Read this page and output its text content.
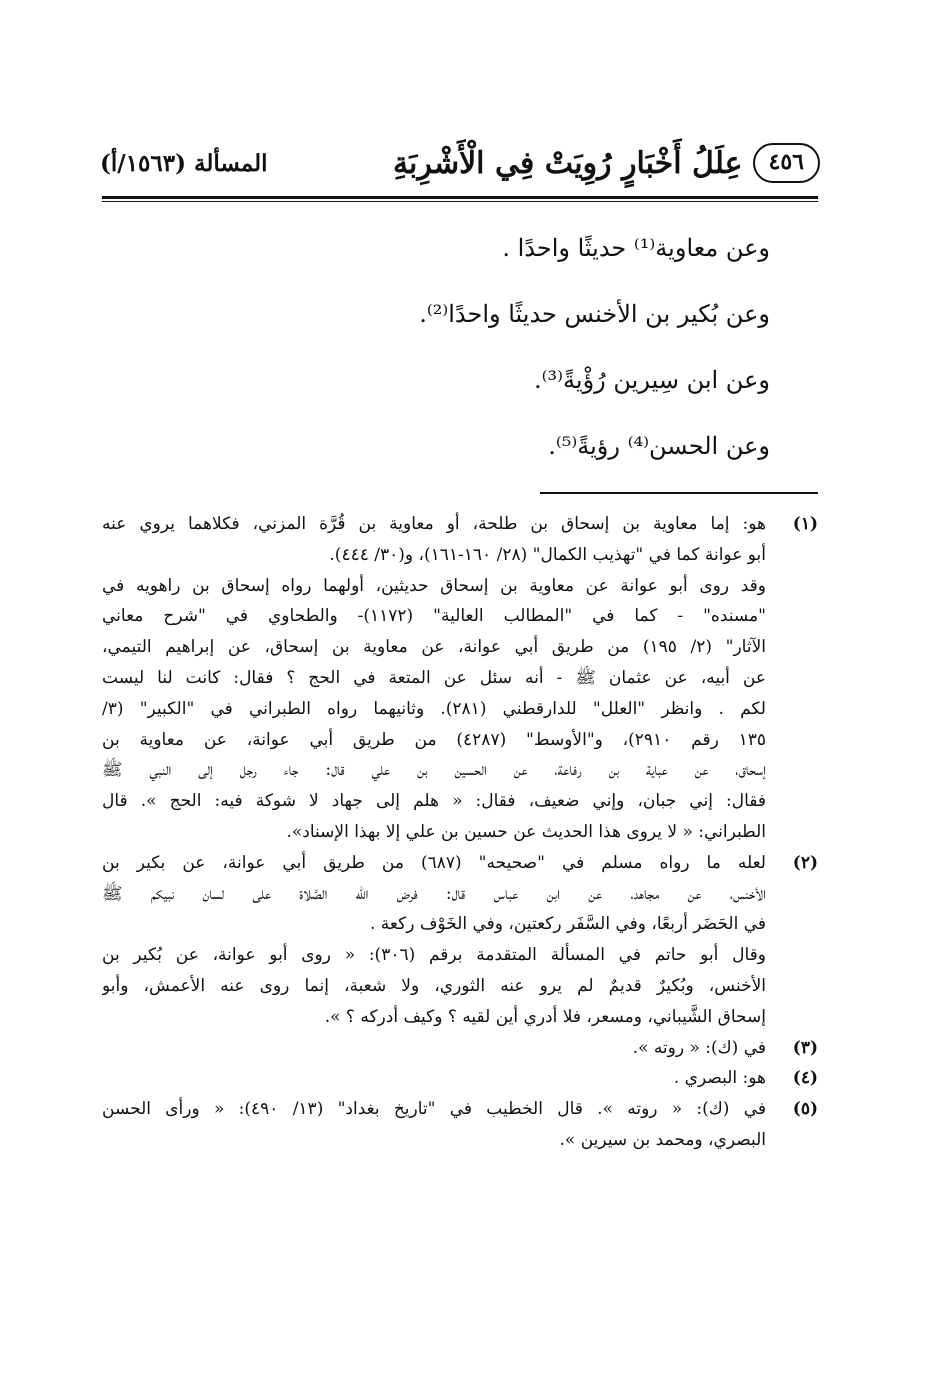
٤٥٦
عِلَلُ أَخْبَارٍ رُوِيَتْ فِي الْأَشْرِبَةِ
المسألة (١٥٦٣/أ)

وعن معاوية⁽¹⁾ حديثًا واحدًا .

وعن بُكير بن الأخنس حديثًا واحدًا⁽²⁾.

وعن ابن سِيرين رُؤْيةً⁽³⁾.

وعن الحسن⁽⁴⁾ رؤيةً⁽⁵⁾.

(١)
هو: إما معاوية بن إسحاق بن طلحة، أو معاوية بن قُرَّة المزني، فكلاهما يروي عنه
أبو عوانة كما في "تهذيب الكمال" (٢٨/ ١٦٠-١٦١)، و(٣٠/ ٤٤٤).
وقد روى أبو عوانة عن معاوية بن إسحاق حديثين، أولهما رواه إسحاق بن راهويه في
"مسنده" - كما في "المطالب العالية" (١١٧٢)- والطحاوي في "شرح معاني
الآثار" (٢/ ١٩٥) من طريق أبي عوانة، عن معاوية بن إسحاق، عن إبراهيم التيمي،
عن أبيه، عن عثمان ﷺ - أنه سئل عن المتعة في الحج ؟ فقال: كانت لنا ليست
لكم . وانظر "العلل" للدارقطني (٢٨١). وثانيهما رواه الطبراني في "الكبير" (٣/
١٣٥ رقم ٢٩١٠)، و"الأوسط" (٤٢٨٧) من طريق أبي عوانة، عن معاوية بن
إسحاق، عن عباية بن رفاعة، عن الحسين بن علي قال: جاء رجل إلى النبي ﷺ
فقال: إني جبان، وإني ضعيف، فقال: « هلم إلى جهاد لا شوكة فيه: الحج ». قال
الطبراني: « لا يروى هذا الحديث عن حسين بن علي إلا بهذا الإسناد».
(٢)
لعله ما رواه مسلم في "صحيحه" (٦٨٧) من طريق أبي عوانة، عن بكير بن
الأخنس، عن مجاهد، عن ابن عباس قال: فرض الله الصَّلاة على لسان نبيكم ﷺ
في الحَضَر أربعًا، وفي السَّفَر ركعتين، وفي الخَوْف ركعة .
وقال أبو حاتم في المسألة المتقدمة برقم (٣٠٦): « روى أبو عوانة، عن بُكير بن
الأخنس، وبُكيرٌ قديمٌ لم يرو عنه الثوري، ولا شعبة، إنما روى عنه الأعمش، وأبو
إسحاق الشَّيباني، ومسعر، فلا أدري أين لقيه ؟ وكيف أدركه ؟ ».
(٣)
في (ك): « روته ».
(٤)
هو: البصري .
(٥)
في (ك): « روته ». قال الخطيب في "تاريخ بغداد" (١٣/ ٤٩٠): « ورأى الحسن
البصري، ومحمد بن سيرين ».
